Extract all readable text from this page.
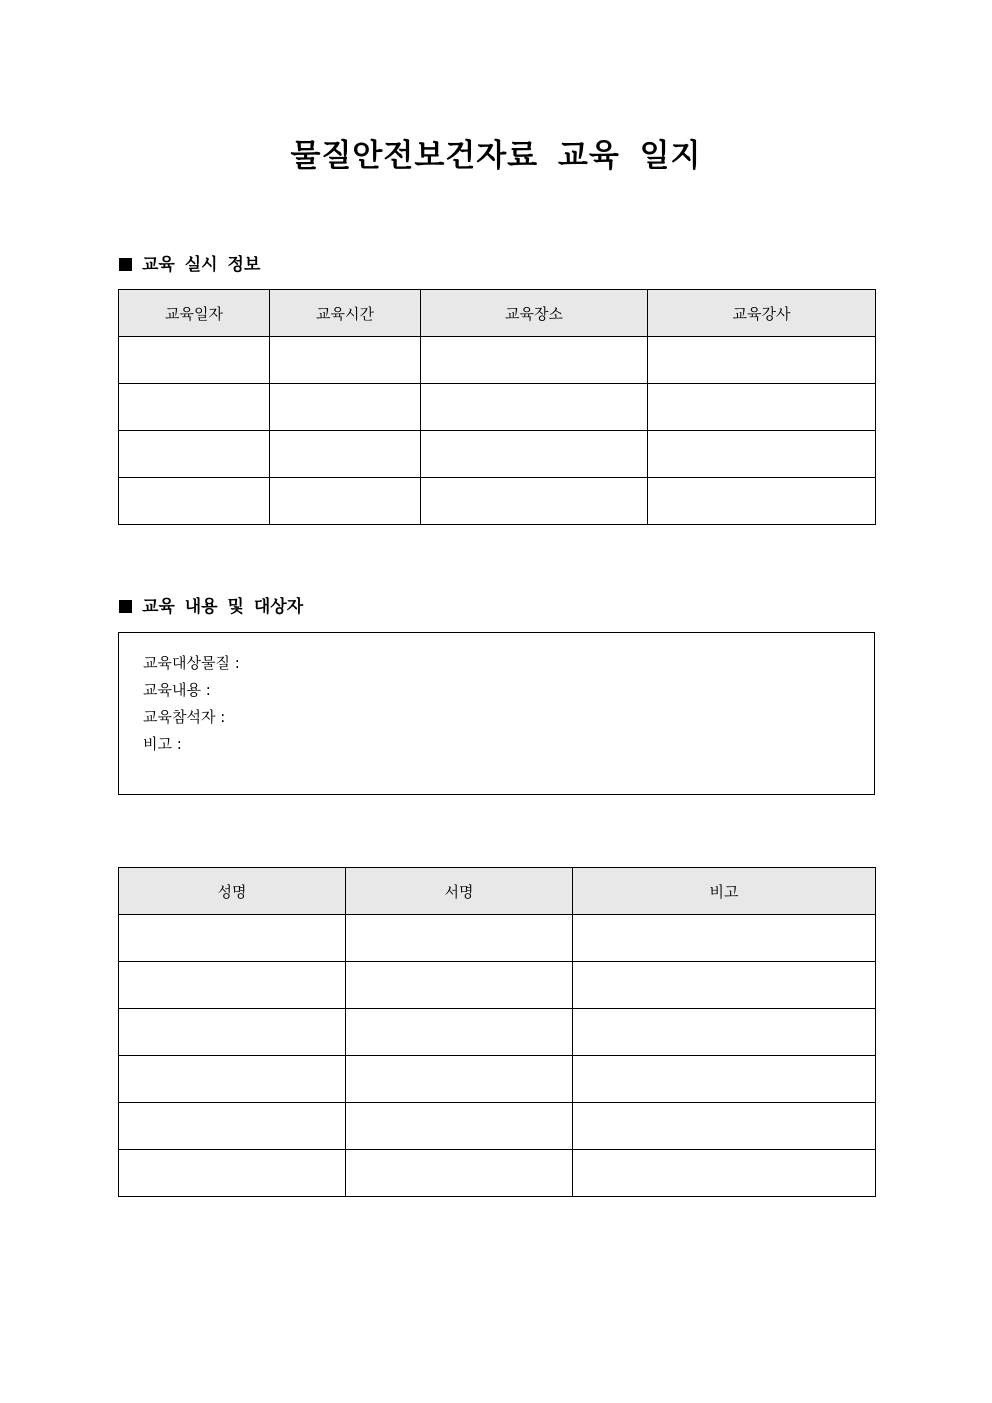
물질안전보건자료 교육 일지
교육 실시 정보
교육일자	교육시간	교육장소	교육강사

교육 내용 및 대상자
교육대상물질 :
교육내용 :
교육참석자 :
비고 :
성명	서명	비고
